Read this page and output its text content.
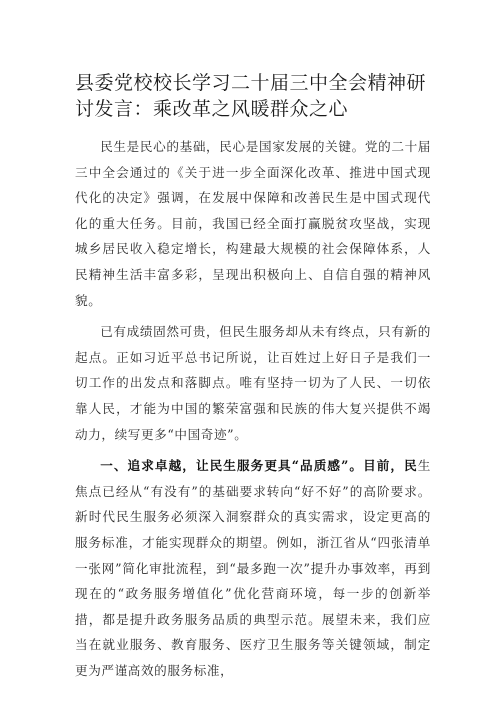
县委党校校长学习二十届三中全会精神研讨发言：乘改革之风暖群众之心

民生是民心的基础，民心是国家发展的关键。党的二十届三中全会通过的《关于进一步全面深化改革、推进中国式现代化的决定》强调，在发展中保障和改善民生是中国式现代化的重大任务。目前，我国已经全面打赢脱贫攻坚战，实现城乡居民收入稳定增长，构建最大规模的社会保障体系，人民精神生活丰富多彩，呈现出积极向上、自信自强的精神风貌。

已有成绩固然可贵，但民生服务却从未有终点，只有新的起点。正如习近平总书记所说，让百姓过上好日子是我们一切工作的出发点和落脚点。唯有坚持一切为了人民、一切依靠人民，才能为中国的繁荣富强和民族的伟大复兴提供不竭动力，续写更多“中国奇迹”。

一、追求卓越，让民生服务更具“品质感”。目前，民生焦点已经从“有没有”的基础要求转向“好不好”的高阶要求。新时代民生服务必须深入洞察群众的真实需求，设定更高的服务标准，才能实现群众的期望。例如，浙江省从“四张清单一张网”简化审批流程，到“最多跑一次”提升办事效率，再到现在的“政务服务增值化”优化营商环境，每一步的创新举措，都是提升政务服务品质的典型示范。展望未来，我们应当在就业服务、教育服务、医疗卫生服务等关键领域，制定更为严谨高效的服务标准，
